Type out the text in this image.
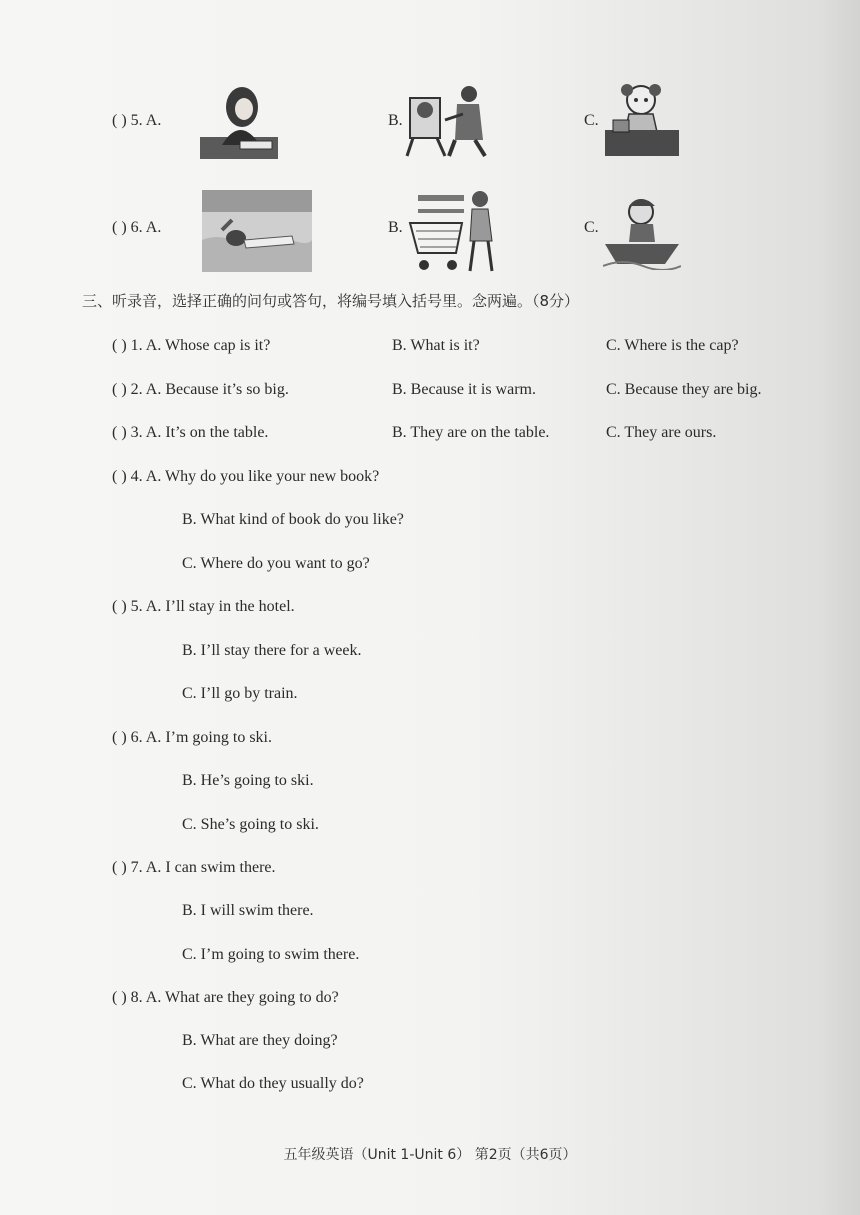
( ) 5. A.	B.	C.
( ) 6. A.	B.	C.
三、听录音，选择正确的问句或答句，将编号填入括号里。念两遍。（8分）
( ) 1. A. Whose cap is it?	B. What is it?	C. Where is the cap?
( ) 2. A. Because it’s so big.	B. Because it is warm.	C. Because they are big.
( ) 3. A. It’s on the table.	B. They are on the table.	C. They are ours.
( ) 4. A. Why do you like your new book?
B. What kind of book do you like?
C. Where do you want to go?
( ) 5. A. I’ll stay in the hotel.
B. I’ll stay there for a week.
C. I’ll go by train.
( ) 6. A. I’m going to ski.
B. He’s going to ski.
C. She’s going to ski.
( ) 7. A. I can swim there.
B. I will swim there.
C. I’m going to swim there.
( ) 8. A. What are they going to do?
B. What are they doing?
C. What do they usually do?
五年级英语（Unit 1-Unit 6） 第2页（共6页）
